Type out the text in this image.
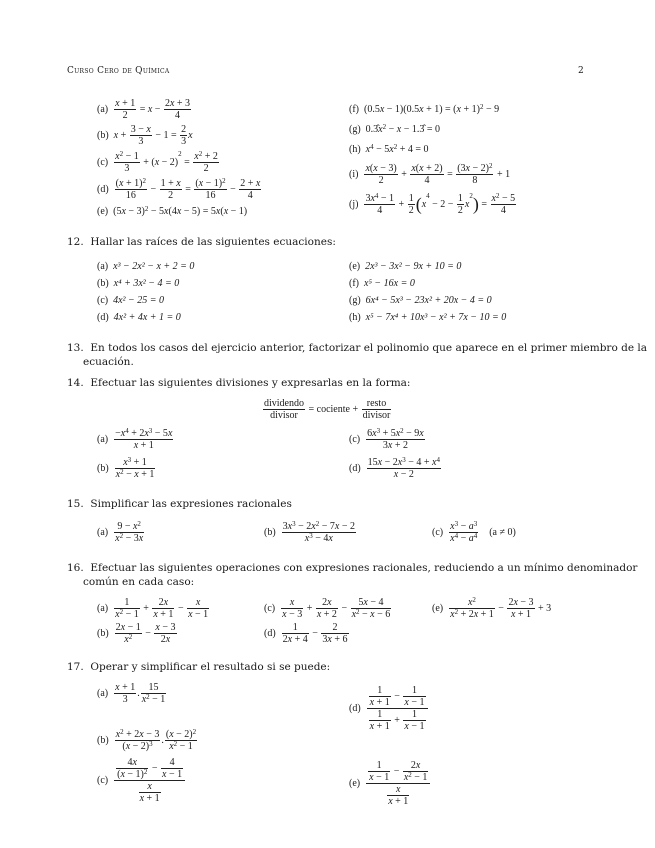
Curso Cero de Química	2
$(a) \frac{x + 1}{2} = x - \frac{2x + 3}{4}$
(b) $x + \frac{3 - x}{3} - 1 = \frac{2}{3}$ x
$(c) \frac{x^2 - 1}{3} + (x - 2)^2 = \frac{x^2 + 2}{2}$
$(d) \frac{(x + 1)^2}{16} - \frac{1 + x}{2} = \frac{(x - 1)^2}{16} - \frac{2 + x}{4}$
(e)  $(5x - 3)^2 - 5x(4x - 5) = 5x(x - 1)$
(f)  $(0.5x - 1)(0.5x + 1) = (x + 1)^2 - 9$
(g)  $0.3̂x^2 - x$ − 1.3̂ = 0
(h) $x^4 - 5x^2 + 4 = 0$
$(i) \frac{x(x - 3)}{2} + \frac{x(x + 2)}{4} = \frac{(3x - 2)^2}{8} + 1$
$(j) \frac{3x^4 - 1}{4} + \frac{1}{2} (x^4 - 2 - \frac{1}{2} x^2) = \frac{x^2 - 5}{4}$
12. Hallar las raíces de las siguientes ecuaciones:
(a) x³ − 2x² − x + 2 = 0
(b) x⁴ + 3x² − 4 = 0
(c) 4x² − 25 = 0
(d) 4x² + 4x + 1 = 0
(e) 2x³ − 3x² − 9x + 10 = 0
(f) x⁵ − 16x = 0
(g) 6x⁴ − 5x³ − 23x² + 20x − 4 = 0
(h) x⁵ − 7x⁴ + 10x³ − x² + 7x − 10 = 0
13. En todos los casos del ejercicio anterior, factorizar el polinomio que aparece en el primer miembro de la
ecuación.
14. Efectuar las siguientes divisiones y expresarlas en la forma:
$\frac{\text{dividendo}}{\text{divisor}}$ = cociente + $\frac{\text{resto}}{\text{divisor}}$
$(a) \frac{-x^4 + 2x^3 - 5x}{x + 1}$
$(b) \frac{x^3 + 1}{x^2 - x + 1}$
$(c) \frac{6x^3 + 5x^2 - 9x}{3x + 2}$
$(d) \frac{15x - 2x^3 - 4 + x^4}{x - 2}$
15. Simplificar las expresiones racionales
$(a) \frac{9 - x^2}{x^2 - 3x}$	$(b) \frac{3x^3 - 2x^2 - 7x - 2}{x^3 - 4x}$	$(c) \frac{x^3 - a^3}{x^4 - a^4} (a \ne 0)$
16. Efectuar las siguientes operaciones con expresiones racionales, reduciendo a un mínimo denominador
común en cada caso:
$(a) \frac{1}{x^2 - 1} + \frac{2x}{x + 1} - \frac{x}{x - 1}$
$(b) \frac{2x - 1}{x^2} - \frac{x - 3}{2x}$
$(c) \frac{x}{x - 3} + \frac{2x}{x + 2} - \frac{5x - 4}{x^2 - x - 6}$
$(d) \frac{1}{2x + 4} - \frac{2}{3x + 6}$
$(e) \frac{x^2}{x^2 + 2x + 1} - \frac{2x - 3}{x + 1} + 3$
17. Operar y simplificar el resultado si se puede:
$(a) \frac{x + 1}{3}$ . $\frac{15}{x^2 - 1}$
$(b) \frac{x^2 + 2x - 3}{(x - 2)^3}$ . $\frac{(x - 2)^2}{x^2 - 1}$
$(c) \frac{\frac{4x}{(x - 1)^2} - \frac{4}{x - 1}}{\frac{x}{x + 1}}$
$(d) \frac{\frac{1}{x + 1} - \frac{1}{x - 1}}{\frac{1}{x + 1} + \frac{1}{x - 1}}$
$(e) \frac{\frac{1}{x - 1} - \frac{2x}{x^2 - 1}}{\frac{x}{x + 1}}$
